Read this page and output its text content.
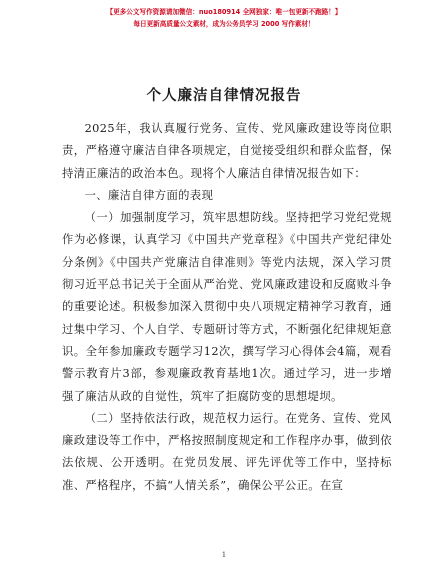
【更多公文写作资源请加微信：nuo180914 全网独家：唯一包更新不跑路！】
每日更新高质量公文素材，成为公务员学习 2000 写作素材！
个人廉洁自律情况报告

2025年，我认真履行党务、宣传、党风廉政建设等岗位职责，严格遵守廉洁自律各项规定，自觉接受组织和群众监督，保持清正廉洁的政治本色。现将个人廉洁自律情况报告如下：

一、廉洁自律方面的表现

（一）加强制度学习，筑牢思想防线。坚持把学习党纪党规作为必修课，认真学习《中国共产党章程》《中国共产党纪律处分条例》《中国共产党廉洁自律准则》等党内法规，深入学习贯彻习近平总书记关于全面从严治党、党风廉政建设和反腐败斗争的重要论述。积极参加深入贯彻中央八项规定精神学习教育，通过集中学习、个人自学、专题研讨等方式，不断强化纪律规矩意识。全年参加廉政专题学习12次，撰写学习心得体会4篇，观看警示教育片3部，参观廉政教育基地1次。通过学习，进一步增强了廉洁从政的自觉性，筑牢了拒腐防变的思想堤坝。

（二）坚持依法行政，规范权力运行。在党务、宣传、党风廉政建设等工作中，严格按照制度规定和工作程序办事，做到依法依规、公开透明。在党员发展、评先评优等工作中，坚持标准、严格程序，不搞“人情关系”，确保公平公正。在宣

1
